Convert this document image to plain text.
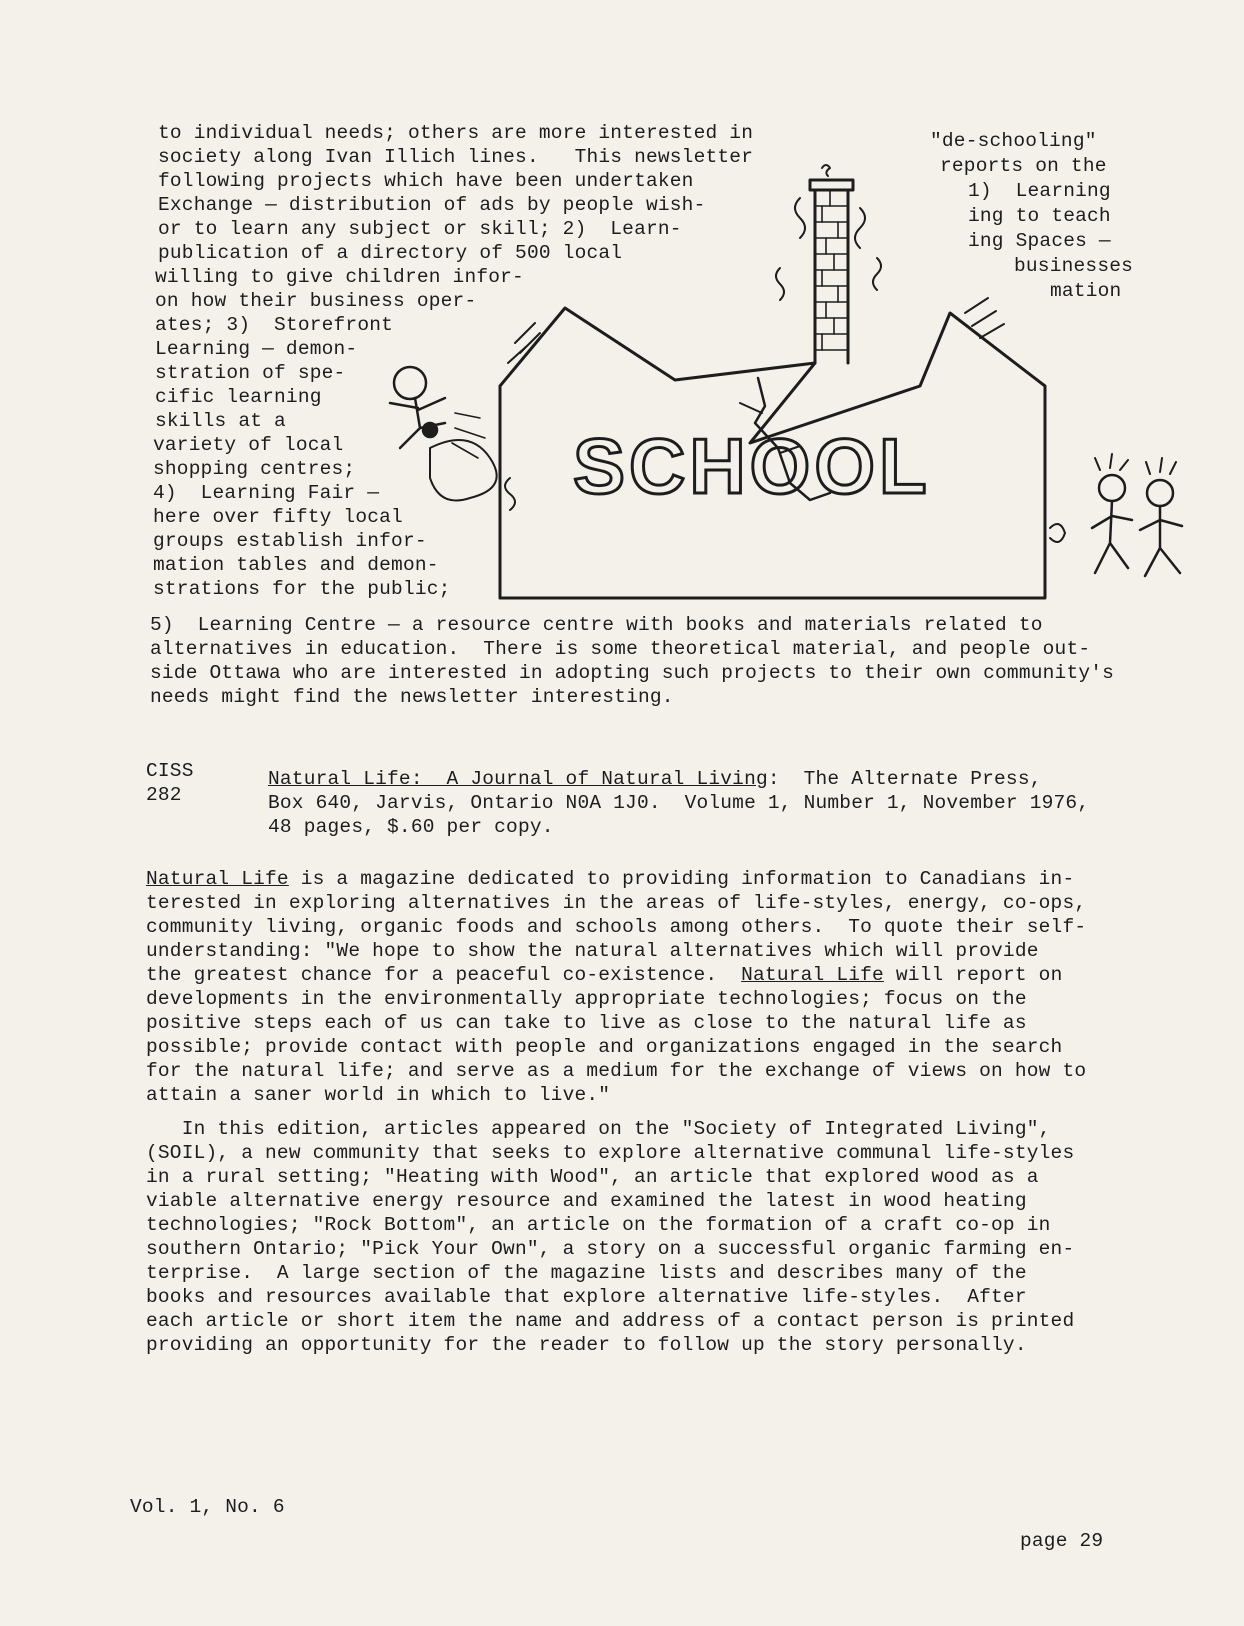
to individual needs; others are more interested in
society along Ivan Illich lines.   This newsletter
following projects which have been undertaken
Exchange — distribution of ads by people wish-
or to learn any subject or skill; 2)  Learn-
publication of a directory of 500 local
willing to give children infor-
on how their business oper-
ates; 3)  Storefront
Learning — demon-
stration of spe-
cific learning
skills at a
variety of local
shopping centres;
4)  Learning Fair —
here over fifty local
groups establish infor-
mation tables and demon-
strations for the public;
5)  Learning Centre — a resource centre with books and materials related to
alternatives in education.  There is some theoretical material, and people out-
side Ottawa who are interested in adopting such projects to their own community's
needs might find the newsletter interesting.
"de-schooling"
reports on the
1)  Learning
ing to teach
ing Spaces —
businesses
mation
SCHOOL
CISS
282
Natural Life:  A Journal of Natural Living:  The Alternate Press,
Box 640, Jarvis, Ontario N0A 1J0.  Volume 1, Number 1, November 1976,
48 pages, $.60 per copy.
Natural Life is a magazine dedicated to providing information to Canadians in-
terested in exploring alternatives in the areas of life-styles, energy, co-ops,
community living, organic foods and schools among others.  To quote their self-
understanding: "We hope to show the natural alternatives which will provide
the greatest chance for a peaceful co-existence.  Natural Life will report on
developments in the environmentally appropriate technologies; focus on the
positive steps each of us can take to live as close to the natural life as
possible; provide contact with people and organizations engaged in the search
for the natural life; and serve as a medium for the exchange of views on how to
attain a saner world in which to live."
In this edition, articles appeared on the "Society of Integrated Living",
(SOIL), a new community that seeks to explore alternative communal life-styles
in a rural setting; "Heating with Wood", an article that explored wood as a
viable alternative energy resource and examined the latest in wood heating
technologies; "Rock Bottom", an article on the formation of a craft co-op in
southern Ontario; "Pick Your Own", a story on a successful organic farming en-
terprise.  A large section of the magazine lists and describes many of the
books and resources available that explore alternative life-styles.  After
each article or short item the name and address of a contact person is printed
providing an opportunity for the reader to follow up the story personally.
Vol. 1, No. 6
page 29
